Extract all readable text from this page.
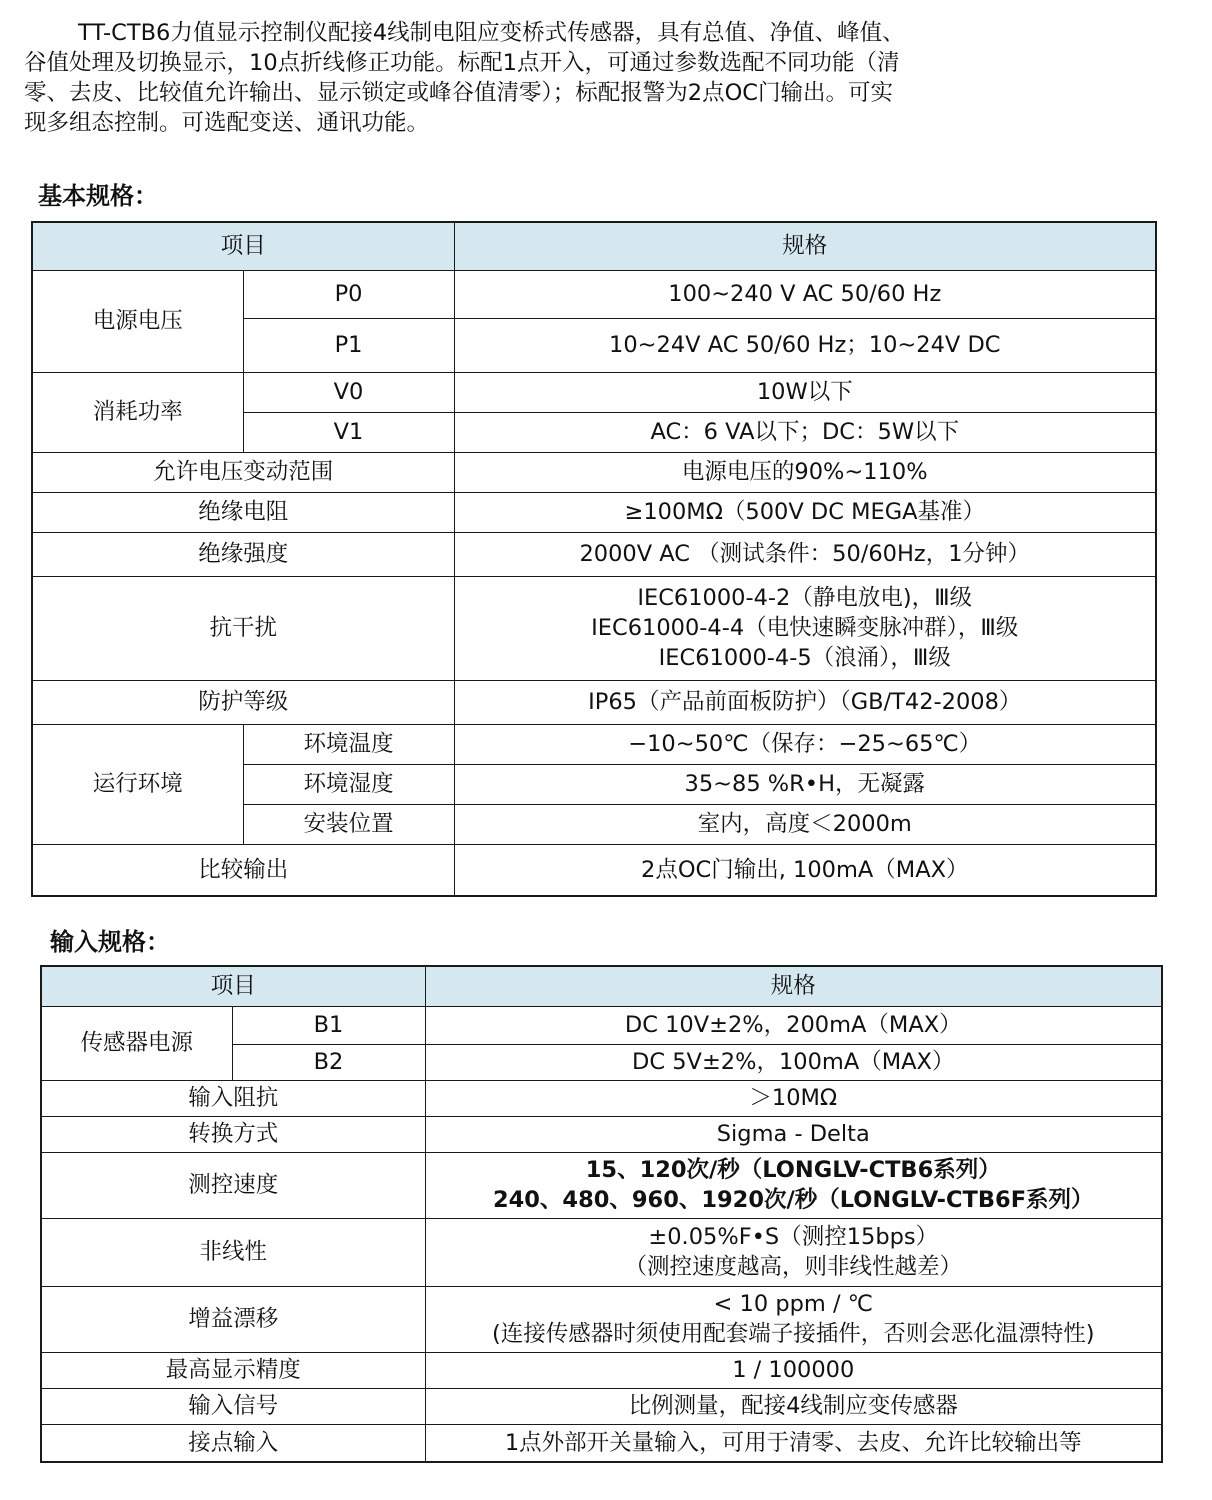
TT-CTB6力值显示控制仪配接4线制电阻应变桥式传感器，具有总值、净值、峰值、
谷值处理及切换显示，10点折线修正功能。标配1点开入，可通过参数选配不同功能（清
零、去皮、比较值允许输出、显示锁定或峰谷值清零）；标配报警为2点OC门输出。可实
现多组态控制。可选配变送、通讯功能。
基本规格：
项目		规格
电源电压	P0	100~240 V AC 50/60 Hz
	P1	10~24V AC 50/60 Hz；10~24V DC
消耗功率	V0	10W以下
	V1	AC：6 VA以下；DC：5W以下
允许电压变动范围		电源电压的90%~110%
绝缘电阻		≥100MΩ（500V DC MEGA基准）
绝缘强度		2000V AC （测试条件：50/60Hz，1分钟）
抗干扰		IEC61000-4-2（静电放电)，Ⅲ级
IEC61000-4-4（电快速瞬变脉冲群），Ⅲ级
IEC61000-4-5（浪涌），Ⅲ级

防护等级		IP65（产品前面板防护）（GB/T42-2008）
运行环境	环境温度	−10~50℃（保存：−25~65℃）
	环境湿度	35~85 %R•H，无凝露
	安装位置	室内，高度＜2000m
比较输出		2点OC门输出, 100mA（MAX）
输入规格：
项目		规格
传感器电源	B1	DC 10V±2%，200mA（MAX）
	B2	DC 5V±2%，100mA（MAX）
输入阻抗		＞10MΩ
转换方式		Sigma - Delta
测控速度		15、120次/秒（LONGLV-CTB6系列）
240、480、960、1920次/秒（LONGLV-CTB6F系列）

非线性		±0.05%F•S（测控15bps）
（测控速度越高，则非线性越差）

增益漂移		< 10 ppm / ℃
(连接传感器时须使用配套端子接插件，否则会恶化温漂特性)

最高显示精度		1 / 100000
输入信号		比例测量，配接4线制应变传感器
接点输入		1点外部开关量输入，可用于清零、去皮、允许比较输出等
